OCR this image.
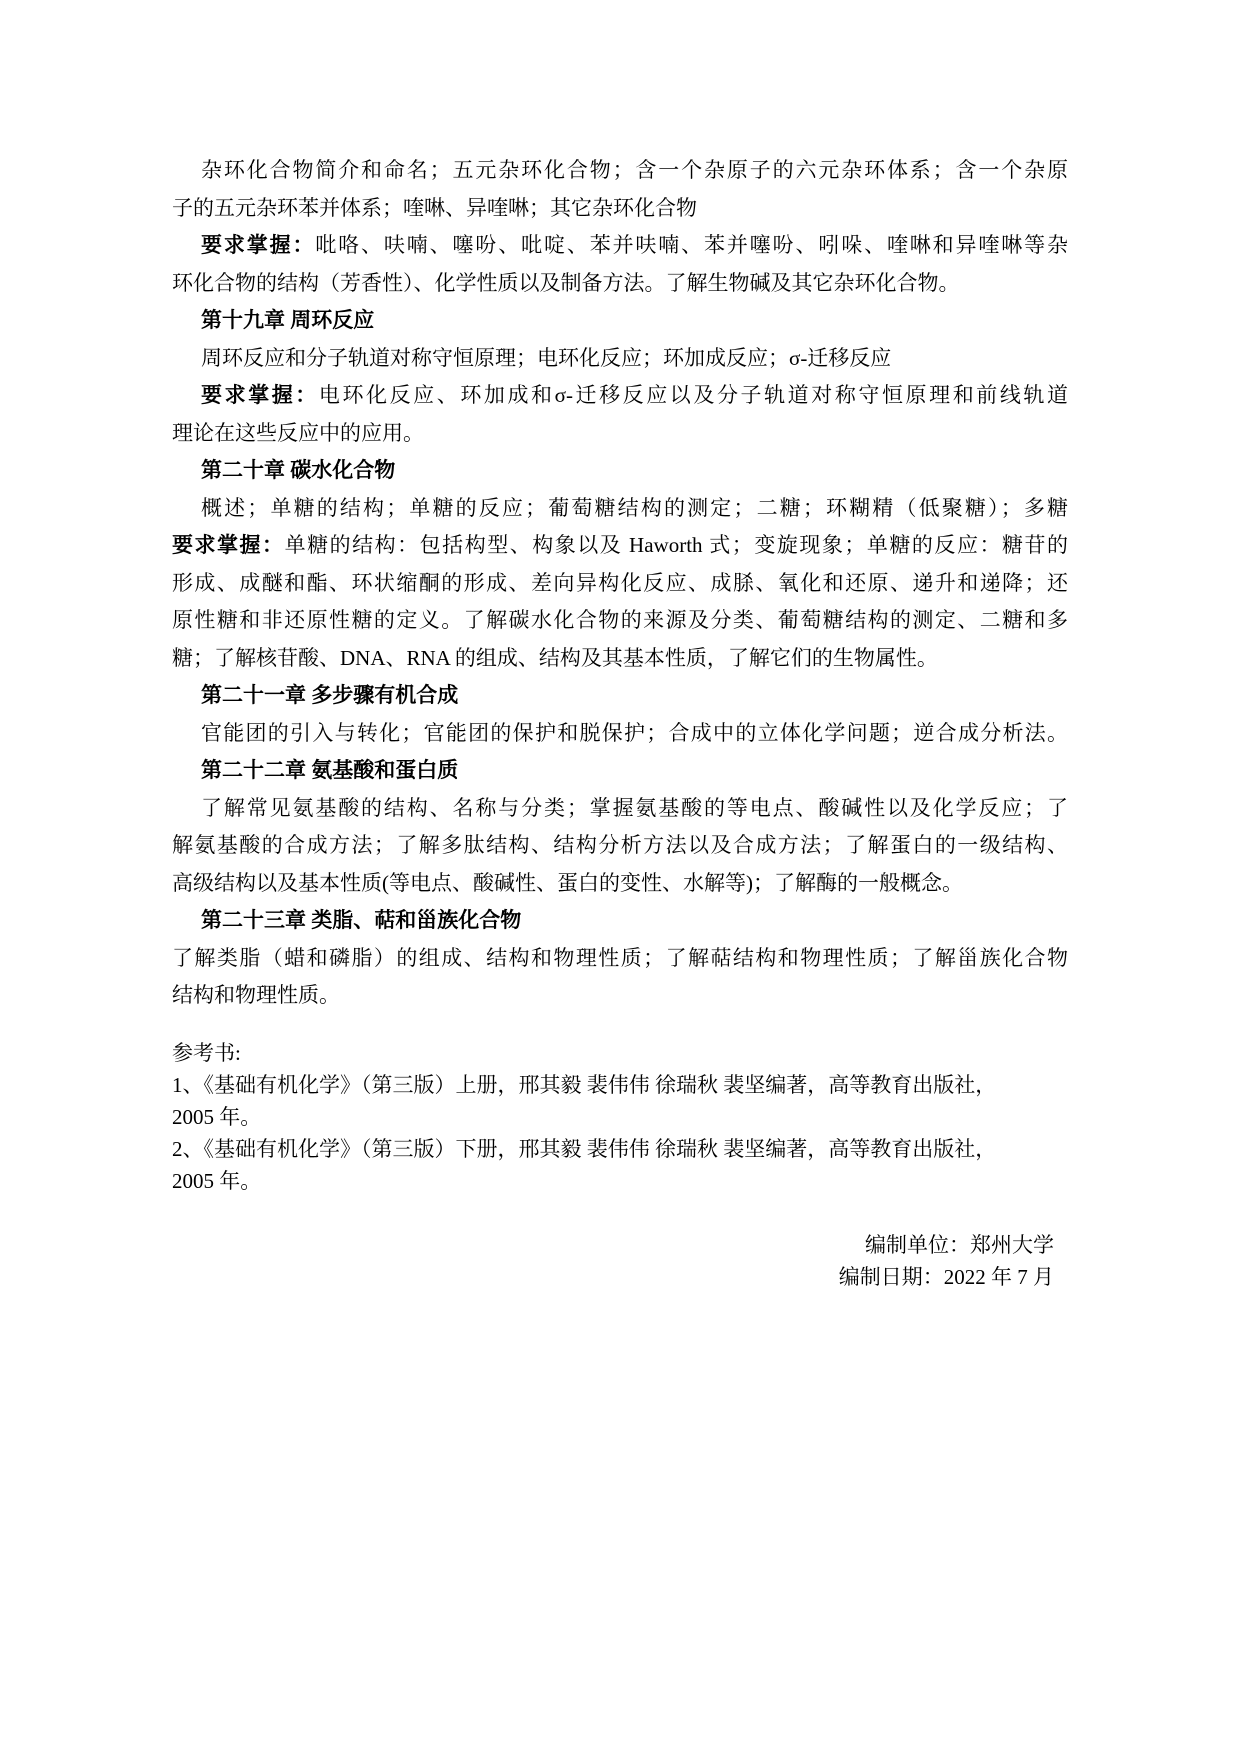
杂环化合物简介和命名；五元杂环化合物；含一个杂原子的六元杂环体系；含一个杂原
子的五元杂环苯并体系；喹啉、异喹啉；其它杂环化合物
要求掌握：吡咯、呋喃、噻吩、吡啶、苯并呋喃、苯并噻吩、吲哚、喹啉和异喹啉等杂
环化合物的结构（芳香性）、化学性质以及制备方法。了解生物碱及其它杂环化合物。
第十九章 周环反应
周环反应和分子轨道对称守恒原理；电环化反应；环加成反应；σ-迁移反应
要求掌握：电环化反应、环加成和σ-迁移反应以及分子轨道对称守恒原理和前线轨道
理论在这些反应中的应用。
第二十章 碳水化合物
概述；单糖的结构；单糖的反应；葡萄糖结构的测定；二糖；环糊精（低聚糖）；多糖
要求掌握：单糖的结构：包括构型、构象以及 Haworth 式；变旋现象；单糖的反应：糖苷的
形成、成醚和酯、环状缩酮的形成、差向异构化反应、成脎、氧化和还原、递升和递降；还
原性糖和非还原性糖的定义。了解碳水化合物的来源及分类、葡萄糖结构的测定、二糖和多
糖；了解核苷酸、DNA、RNA 的组成、结构及其基本性质，了解它们的生物属性。
第二十一章 多步骤有机合成
官能团的引入与转化；官能团的保护和脱保护；合成中的立体化学问题；逆合成分析法。
第二十二章 氨基酸和蛋白质
了解常见氨基酸的结构、名称与分类；掌握氨基酸的等电点、酸碱性以及化学反应；了
解氨基酸的合成方法；了解多肽结构、结构分析方法以及合成方法；了解蛋白的一级结构、
高级结构以及基本性质(等电点、酸碱性、蛋白的变性、水解等)；了解酶的一般概念。
第二十三章 类脂、萜和甾族化合物
了解类脂（蜡和磷脂）的组成、结构和物理性质；了解萜结构和物理性质；了解甾族化合物
结构和物理性质。
参考书:
1、《基础有机化学》（第三版）上册，邢其毅 裴伟伟 徐瑞秋 裴坚编著，高等教育出版社，
2005 年。
2、《基础有机化学》（第三版）下册，邢其毅 裴伟伟 徐瑞秋 裴坚编著，高等教育出版社，
2005 年。
编制单位：郑州大学
编制日期：2022 年 7 月
